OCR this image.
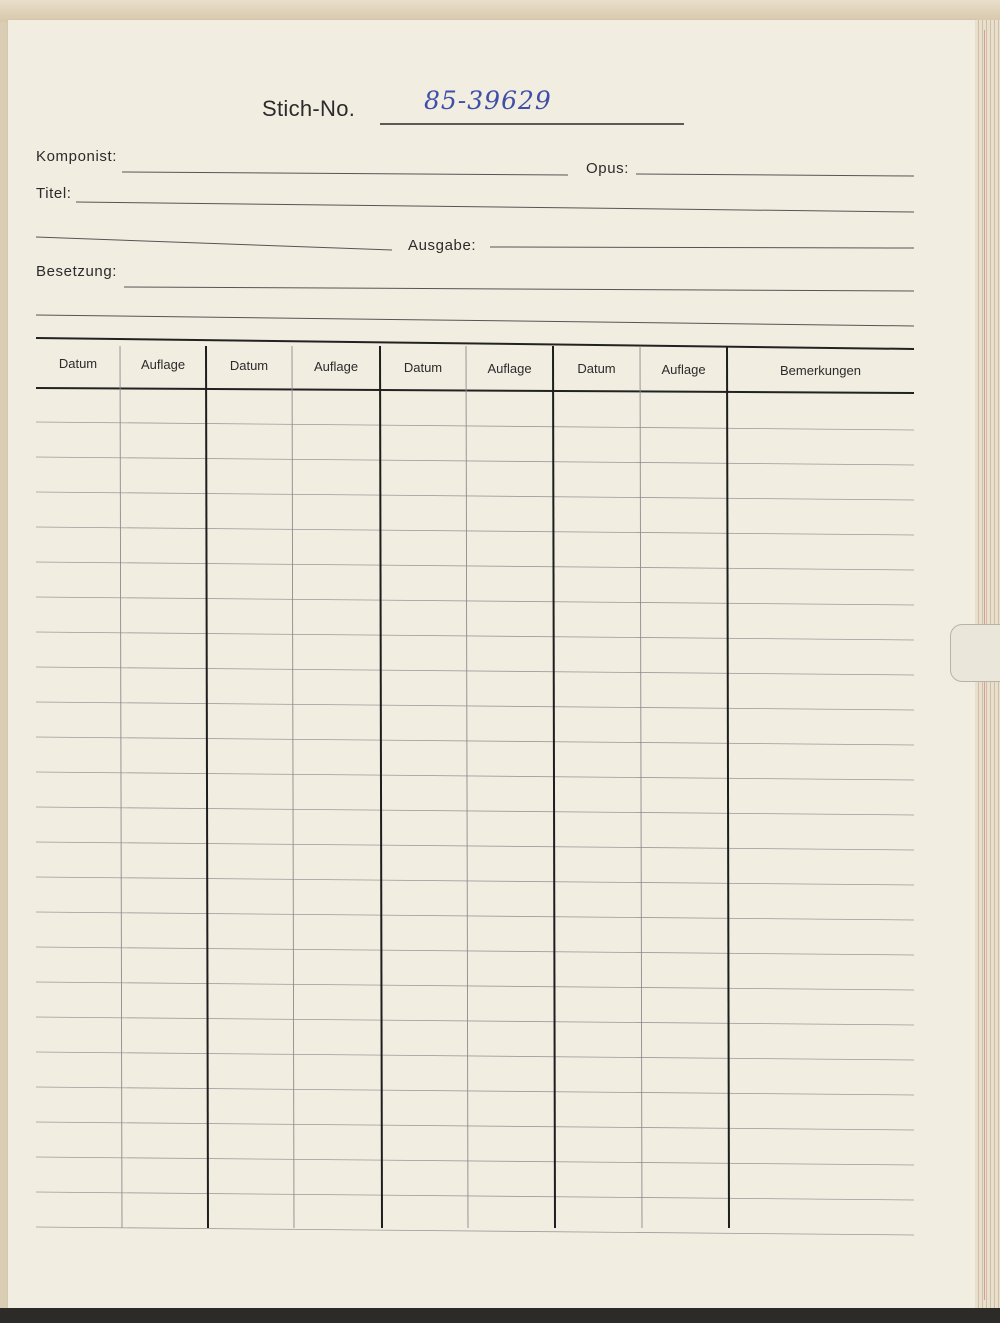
Stich-No.	85-39629
Komponist:
Opus:
Titel:
Ausgabe:
Besetzung:
Datum	Auflage	Datum	Auflage	Datum	Auflage	Datum	Auflage	Bemerkungen
